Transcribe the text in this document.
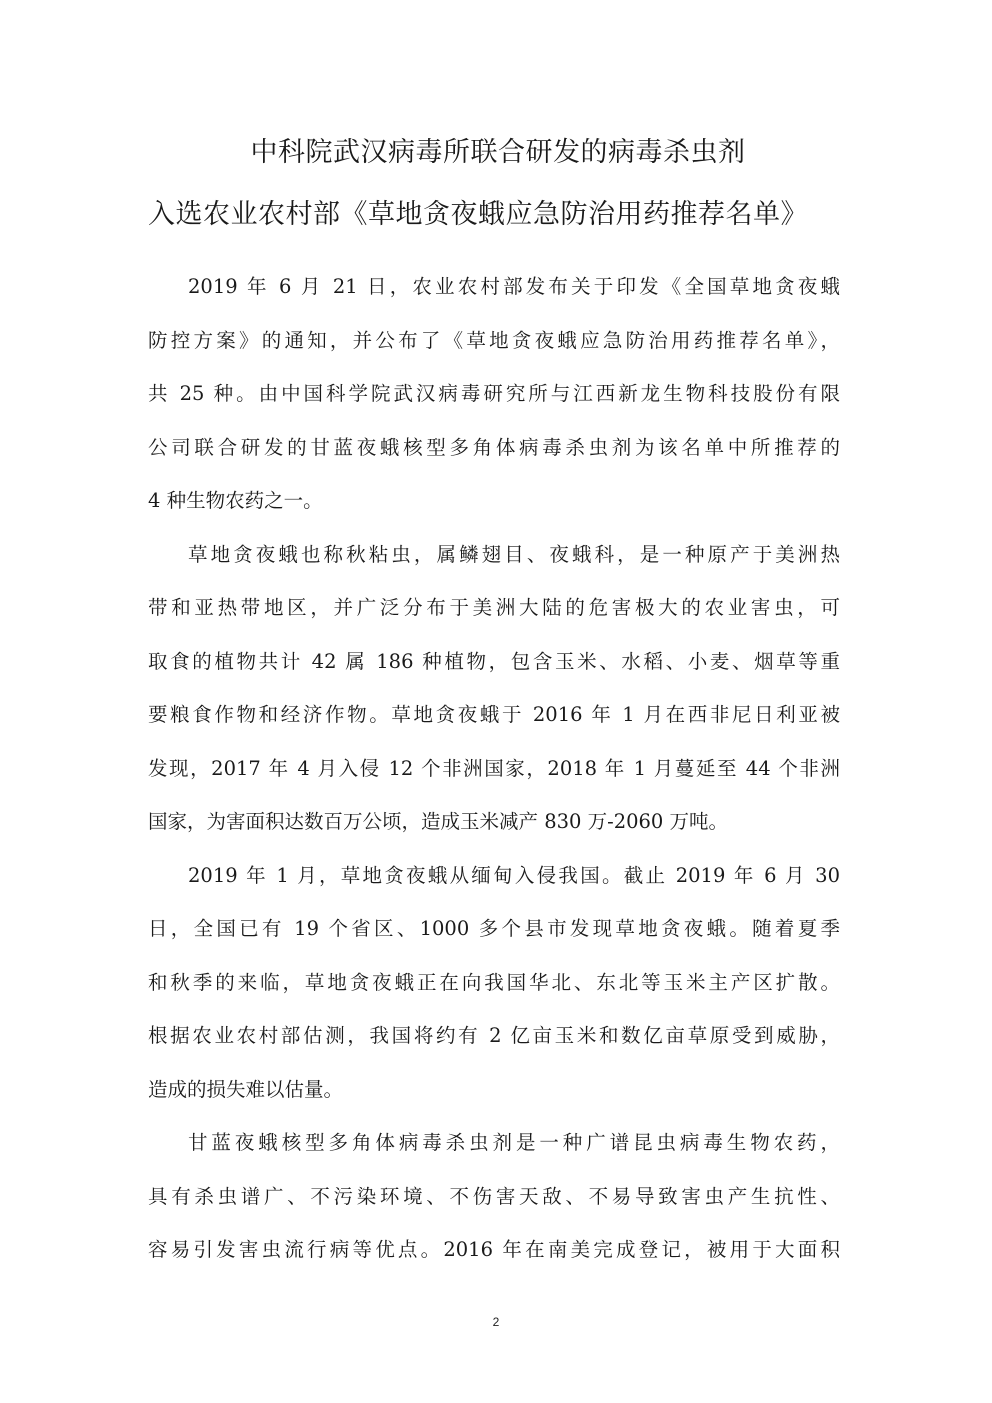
中科院武汉病毒所联合研发的病毒杀虫剂
入选农业农村部《草地贪夜蛾应急防治用药推荐名单》
2019 年 6 月 21 日，农业农村部发布关于印发《全国草地贪夜蛾
防控方案》的通知，并公布了《草地贪夜蛾应急防治用药推荐名单》，
共 25 种。由中国科学院武汉病毒研究所与江西新龙生物科技股份有限
公司联合研发的甘蓝夜蛾核型多角体病毒杀虫剂为该名单中所推荐的
4 种生物农药之一。
草地贪夜蛾也称秋粘虫，属鳞翅目、夜蛾科，是一种原产于美洲热
带和亚热带地区，并广泛分布于美洲大陆的危害极大的农业害虫，可
取食的植物共计 42 属 186 种植物，包含玉米、水稻、小麦、烟草等重
要粮食作物和经济作物。草地贪夜蛾于 2016 年 1 月在西非尼日利亚被
发现，2017 年 4 月入侵 12 个非洲国家，2018 年 1 月蔓延至 44 个非洲
国家，为害面积达数百万公顷，造成玉米减产 830 万-2060 万吨。
2019 年 1 月，草地贪夜蛾从缅甸入侵我国。截止 2019 年 6 月 30
日，全国已有 19 个省区、1000 多个县市发现草地贪夜蛾。随着夏季
和秋季的来临，草地贪夜蛾正在向我国华北、东北等玉米主产区扩散。
根据农业农村部估测，我国将约有 2 亿亩玉米和数亿亩草原受到威胁，
造成的损失难以估量。
甘蓝夜蛾核型多角体病毒杀虫剂是一种广谱昆虫病毒生物农药，
具有杀虫谱广、不污染环境、不伤害天敌、不易导致害虫产生抗性、
容易引发害虫流行病等优点。2016 年在南美完成登记，被用于大面积
2
